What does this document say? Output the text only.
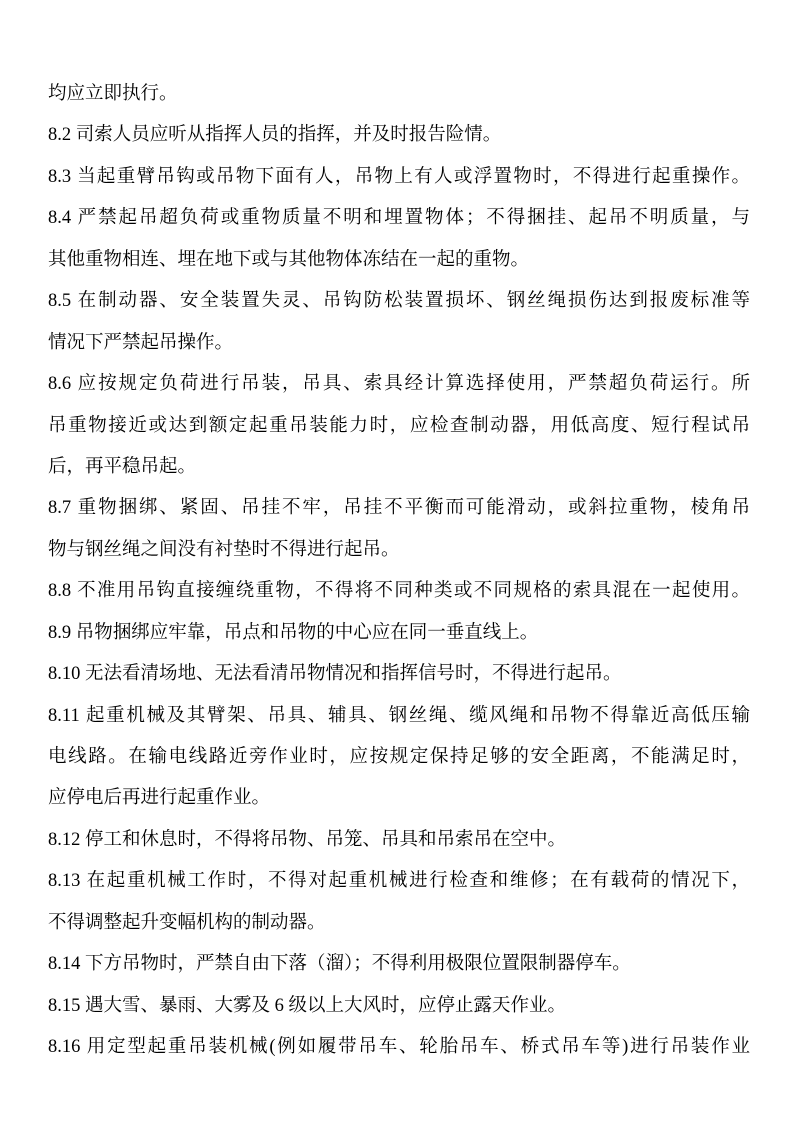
均应立即执行。
8.2 司索人员应听从指挥人员的指挥，并及时报告险情。
8.3 当起重臂吊钩或吊物下面有人，吊物上有人或浮置物时，不得进行起重操作。
8.4 严禁起吊超负荷或重物质量不明和埋置物体；不得捆挂、起吊不明质量，与
其他重物相连、埋在地下或与其他物体冻结在一起的重物。
8.5 在制动器、安全装置失灵、吊钩防松装置损坏、钢丝绳损伤达到报废标准等
情况下严禁起吊操作。
8.6 应按规定负荷进行吊装，吊具、索具经计算选择使用，严禁超负荷运行。所
吊重物接近或达到额定起重吊装能力时，应检查制动器，用低高度、短行程试吊
后，再平稳吊起。
8.7 重物捆绑、紧固、吊挂不牢，吊挂不平衡而可能滑动，或斜拉重物，棱角吊
物与钢丝绳之间没有衬垫时不得进行起吊。
8.8 不准用吊钩直接缠绕重物，不得将不同种类或不同规格的索具混在一起使用。
8.9 吊物捆绑应牢靠，吊点和吊物的中心应在同一垂直线上。
8.10 无法看清场地、无法看清吊物情况和指挥信号时，不得进行起吊。
8.11 起重机械及其臂架、吊具、辅具、钢丝绳、缆风绳和吊物不得靠近高低压输
电线路。在输电线路近旁作业时，应按规定保持足够的安全距离，不能满足时，
应停电后再进行起重作业。
8.12 停工和休息时，不得将吊物、吊笼、吊具和吊索吊在空中。
8.13 在起重机械工作时，不得对起重机械进行检查和维修；在有载荷的情况下，
不得调整起升变幅机构的制动器。
8.14 下方吊物时，严禁自由下落（溜）；不得利用极限位置限制器停车。
8.15 遇大雪、暴雨、大雾及 6 级以上大风时，应停止露天作业。
8.16 用定型起重吊装机械(例如履带吊车、轮胎吊车、桥式吊车等)进行吊装作业
